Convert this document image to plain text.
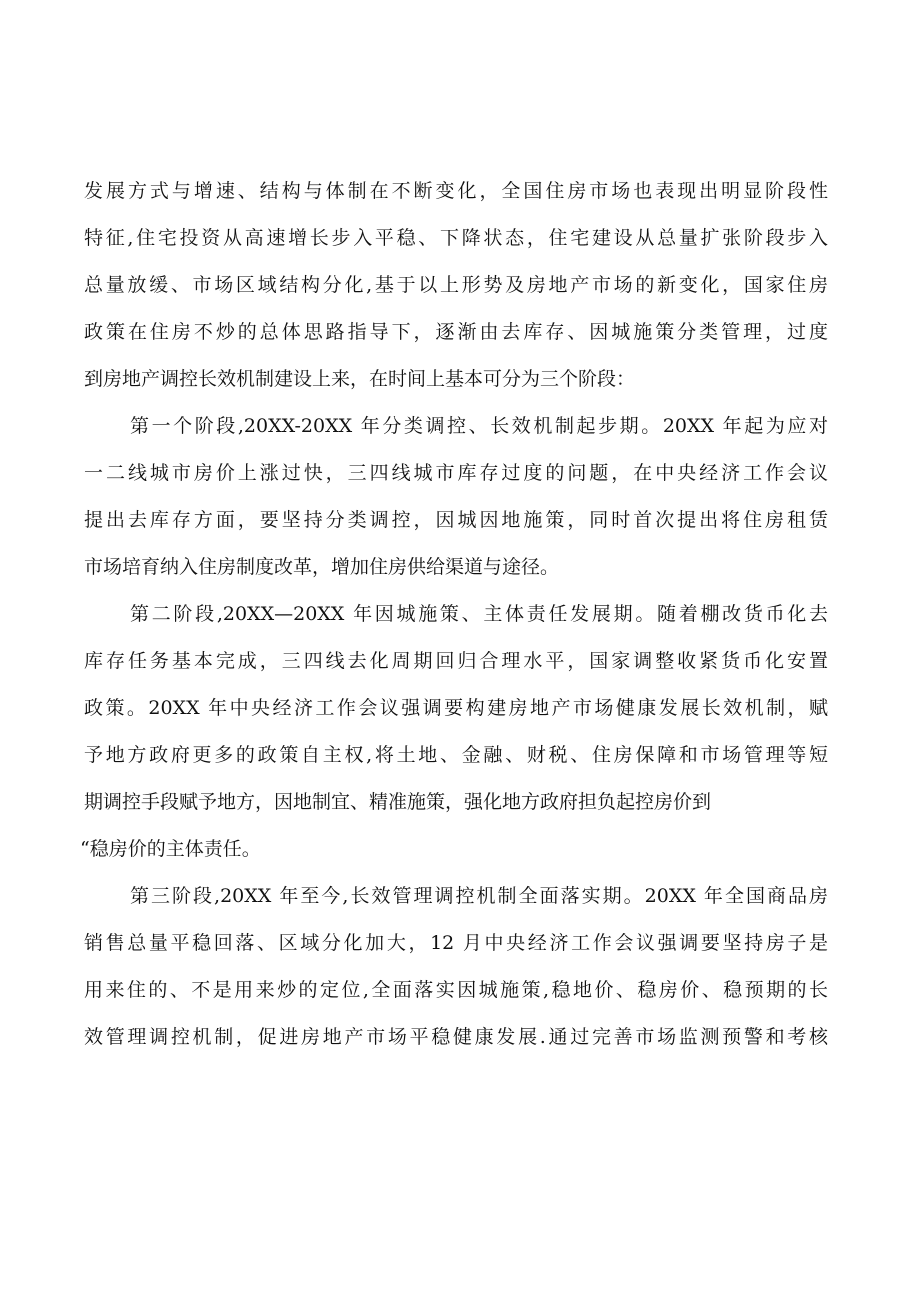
发展方式与增速、结构与体制在不断变化，全国住房市场也表现出明显阶段性
特征,住宅投资从高速增长步入平稳、下降状态，住宅建设从总量扩张阶段步入
总量放缓、市场区域结构分化,基于以上形势及房地产市场的新变化，国家住房
政策在住房不炒的总体思路指导下，逐渐由去库存、因城施策分类管理，过度
到房地产调控长效机制建设上来，在时间上基本可分为三个阶段：
第一个阶段,20XX-20XX 年分类调控、长效机制起步期。20XX 年起为应对
一二线城市房价上涨过快，三四线城市库存过度的问题，在中央经济工作会议
提出去库存方面，要坚持分类调控，因城因地施策，同时首次提出将住房租赁
市场培育纳入住房制度改革，增加住房供给渠道与途径。
第二阶段,20XX—20XX 年因城施策、主体责任发展期。随着棚改货币化去
库存任务基本完成，三四线去化周期回归合理水平，国家调整收紧货币化安置
政策。20XX 年中央经济工作会议强调要构建房地产市场健康发展长效机制，赋
予地方政府更多的政策自主权,将土地、金融、财税、住房保障和市场管理等短
期调控手段赋予地方，因地制宜、精准施策，强化地方政府担负起控房价到
“稳房价的主体责任。
第三阶段,20XX 年至今,长效管理调控机制全面落实期。20XX 年全国商品房
销售总量平稳回落、区域分化加大，12 月中央经济工作会议强调要坚持房子是
用来住的、不是用来炒的定位,全面落实因城施策,稳地价、稳房价、稳预期的长
效管理调控机制，促进房地产市场平稳健康发展.通过完善市场监测预警和考核
